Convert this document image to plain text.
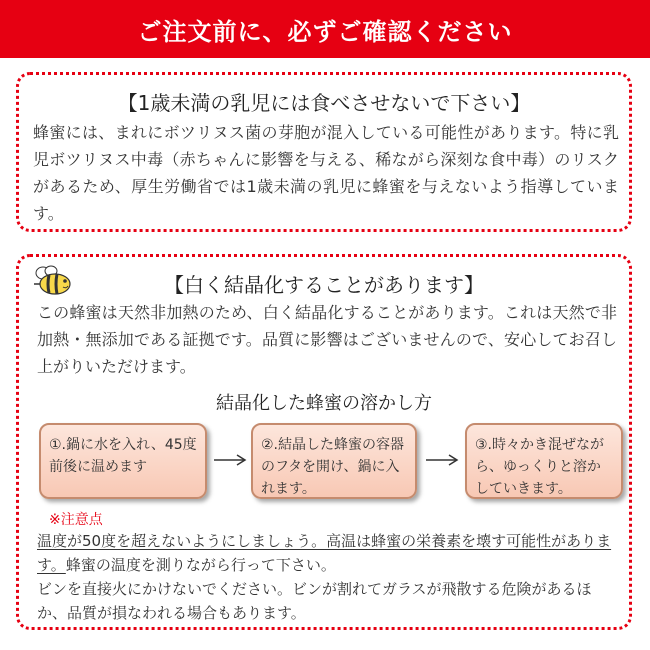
ご注文前に、必ずご確認ください
【1歳未満の乳児には食べさせないで下さい】
蜂蜜には、まれにボツリヌス菌の芽胞が混入している可能性があります。特に乳児ボツリヌス中毒（赤ちゃんに影響を与える、稀ながら深刻な食中毒）のリスクがあるため、厚生労働省では1歳未満の乳児に蜂蜜を与えないよう指導しています。
【白く結晶化することがあります】
この蜂蜜は天然非加熱のため、白く結晶化することがあります。これは天然で非加熱・無添加である証拠です。品質に影響はございませんので、安心してお召し上がりいただけます。
結晶化した蜂蜜の溶かし方
①.鍋に水を入れ、45度前後に温めます
②.結晶した蜂蜜の容器のフタを開け、鍋に入れます。
③.時々かき混ぜながら、ゆっくりと溶かしていきます。
※注意点
温度が50度を超えないようにしましょう。高温は蜂蜜の栄養素を壊す可能性があります。蜂蜜の温度を測りながら行って下さい。
ビンを直接火にかけないでください。ビンが割れてガラスが飛散する危険があるほか、品質が損なわれる場合もあります。
